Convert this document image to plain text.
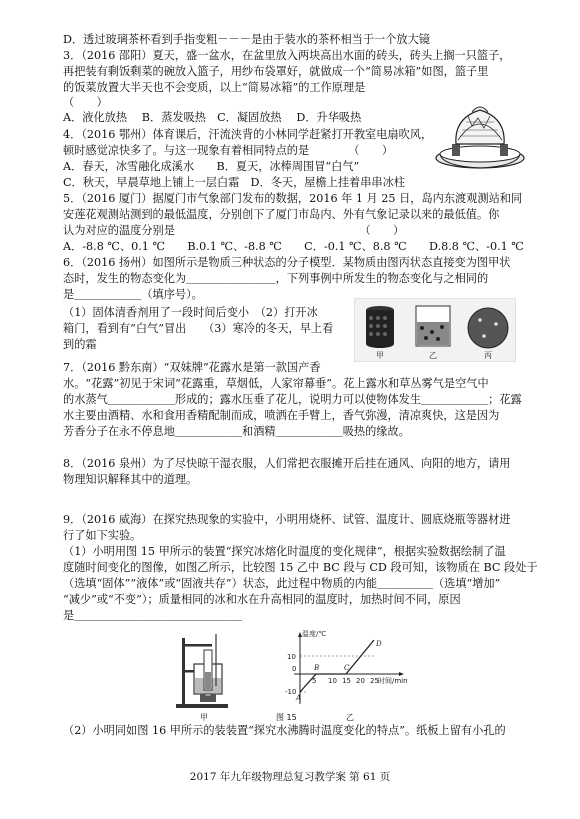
D．透过玻璃茶杯看到手指变粗－－－是由于装水的茶杯相当于一个放大镜
3．（2016 邵阳）夏天，盛一盆水，在盆里放入两块高出水面的砖头，砖头上搁一只篮子，
再把装有剩饭剩菜的碗放入篮子，用纱布袋罩好，就做成一个“简易冰箱”如图，篮子里
的饭菜放置大半天也不会变质，以上“简易冰箱”的工作原理是
（　　）
A．液化放热　 B．蒸发吸热　C．凝固放热　 D．升华吸热
4．（2016 鄂州）体育课后，汗流浃背的小林同学赶紧打开教室电扇吹风，
顿时感觉凉快多了。与这一现象有着相同特点的是　　　　（　　）
A．春天，冰雪融化成溪水　　B．夏天，冰棒周围冒“白气”
C．秋天，早晨草地上铺上一层白霜　D．冬天，屋檐上挂着串串冰柱
5．（2016 厦门）据厦门市气象部门发布的数据，2016 年 1 月 25 日，岛内东渡观测站和同
安莲花观测站测到的最低温度，分别创下了厦门市岛内、外有气象记录以来的最低值。你
认为对应的温度分别是　　　　　　　　　　　　　　　　　（　　）
A．-8.8 ℃、0.1 ℃　　B.0.1 ℃、-8.8 ℃　　C．-0.1 ℃、8.8 ℃　　D.8.8 ℃、-0.1 ℃
6．（2016 扬州）如图所示是物质三种状态的分子模型．某物质由图丙状态直接变为图甲状
态时，发生的物态变化为＿＿＿＿＿＿＿＿，下列事例中所发生的物态变化与之相同的
是＿＿＿＿＿＿（填序号）。
（1）固体清香剂用了一段时间后变小　（2）打开冰
箱门，看到有“白气”冒出　　（3）寒冷的冬天，早上看
到的霜
甲	乙	丙
7．（2016 黔东南）“双妹牌”花露水是第一款国产香
水。“花露”初见于宋词“花露重，草烟低，人家帘幕垂”。花上露水和草丛雾气是空气中
的水蒸气＿＿＿＿＿＿形成的；露水压垂了花儿，说明力可以使物体发生＿＿＿＿＿＿；花露
水主要由酒精、水和食用香精配制而成，喷洒在手臂上，香气弥漫，清凉爽快，这是因为
芳香分子在永不停息地＿＿＿＿＿＿和酒精＿＿＿＿＿＿吸热的缘故。
8．（2016 泉州）为了尽快晾干湿衣服，人们常把衣服摊开后挂在通风、向阳的地方，请用
物理知识解释其中的道理。
9．（2016 威海）在探究热现象的实验中，小明用烧杯、试管、温度计、圆底烧瓶等器材进
行了如下实验。
（1）小明用图 15 甲所示的装置“探究冰熔化时温度的变化规律”，根据实验数据绘制了温
度随时间变化的图像，如图乙所示，比较图 15 乙中 BC 段与 CD 段可知，该物质在 BC 段处于
（选填“固体”“液体”或“固液共存”）状态，此过程中物质的内能＿＿＿＿＿（选填“增加”
“减少”或“不变”）；质量相同的冰和水在升高相同的温度时，加热时间不同，原因
是＿＿＿＿＿＿＿＿＿＿＿＿＿＿＿
甲	图 15
温度/℃
时间/min
10
0
-10
5 10 15 20 25
A
B	C
D
乙
（2）小明同如图 16 甲所示的装装置“探究水沸腾时温度变化的特点”。纸板上留有小孔的
2017 年九年级物理总复习教学案 第 61 页
